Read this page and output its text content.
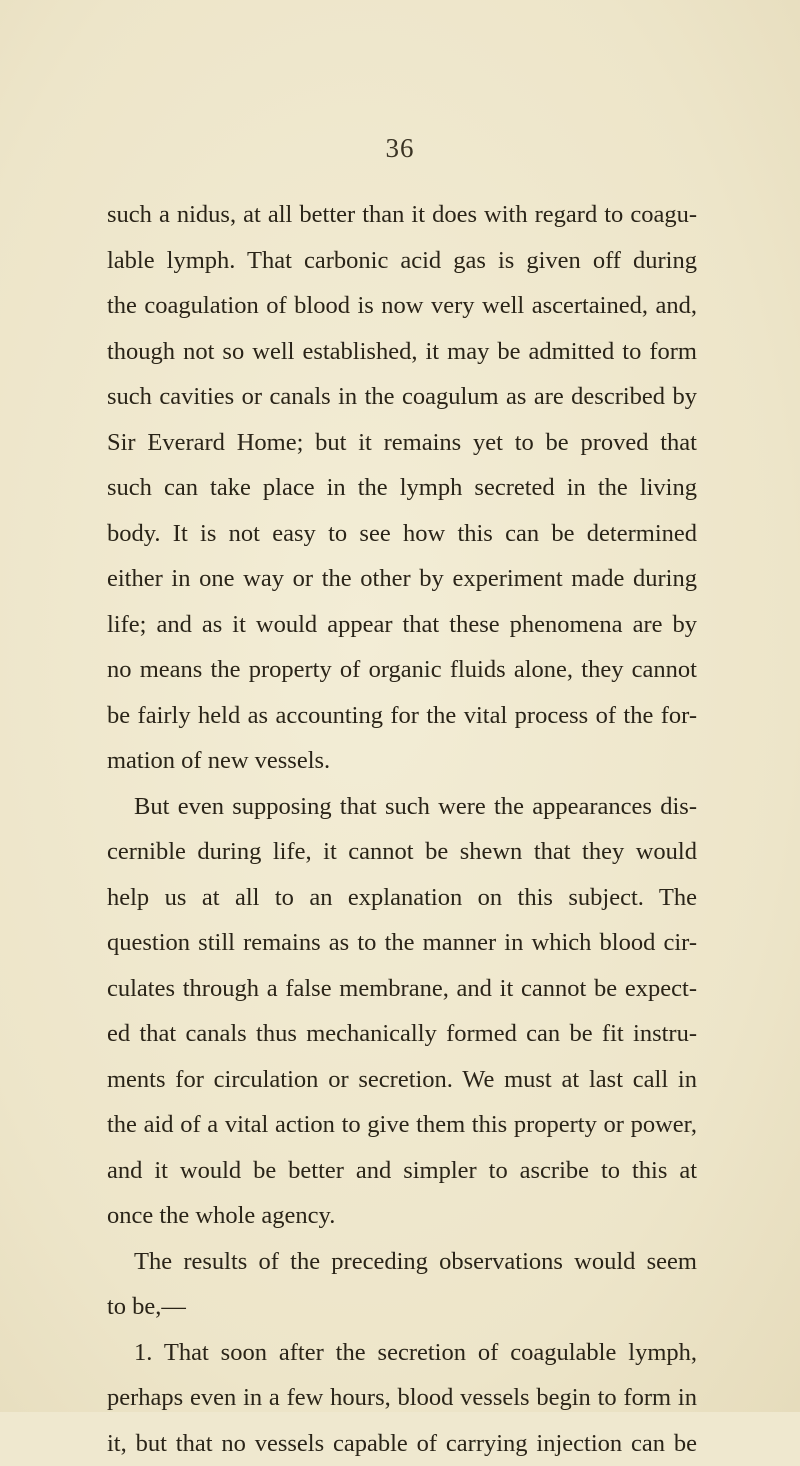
36
such a nidus, at all better than it does with regard to coagu-
lable lymph. That carbonic acid gas is given off during
the coagulation of blood is now very well ascertained, and,
though not so well established, it may be admitted to form
such cavities or canals in the coagulum as are described by
Sir Everard Home; but it remains yet to be proved that
such can take place in the lymph secreted in the living
body. It is not easy to see how this can be determined
either in one way or the other by experiment made during
life; and as it would appear that these phenomena are by
no means the property of organic fluids alone, they cannot
be fairly held as accounting for the vital process of the for-
mation of new vessels.
But even supposing that such were the appearances dis-
cernible during life, it cannot be shewn that they would
help us at all to an explanation on this subject. The
question still remains as to the manner in which blood cir-
culates through a false membrane, and it cannot be expect-
ed that canals thus mechanically formed can be fit instru-
ments for circulation or secretion. We must at last call in
the aid of a vital action to give them this property or power,
and it would be better and simpler to ascribe to this at
once the whole agency.
The results of the preceding observations would seem
to be,—
1. That soon after the secretion of coagulable lymph,
perhaps even in a few hours, blood vessels begin to form in
it, but that no vessels capable of carrying injection can be
